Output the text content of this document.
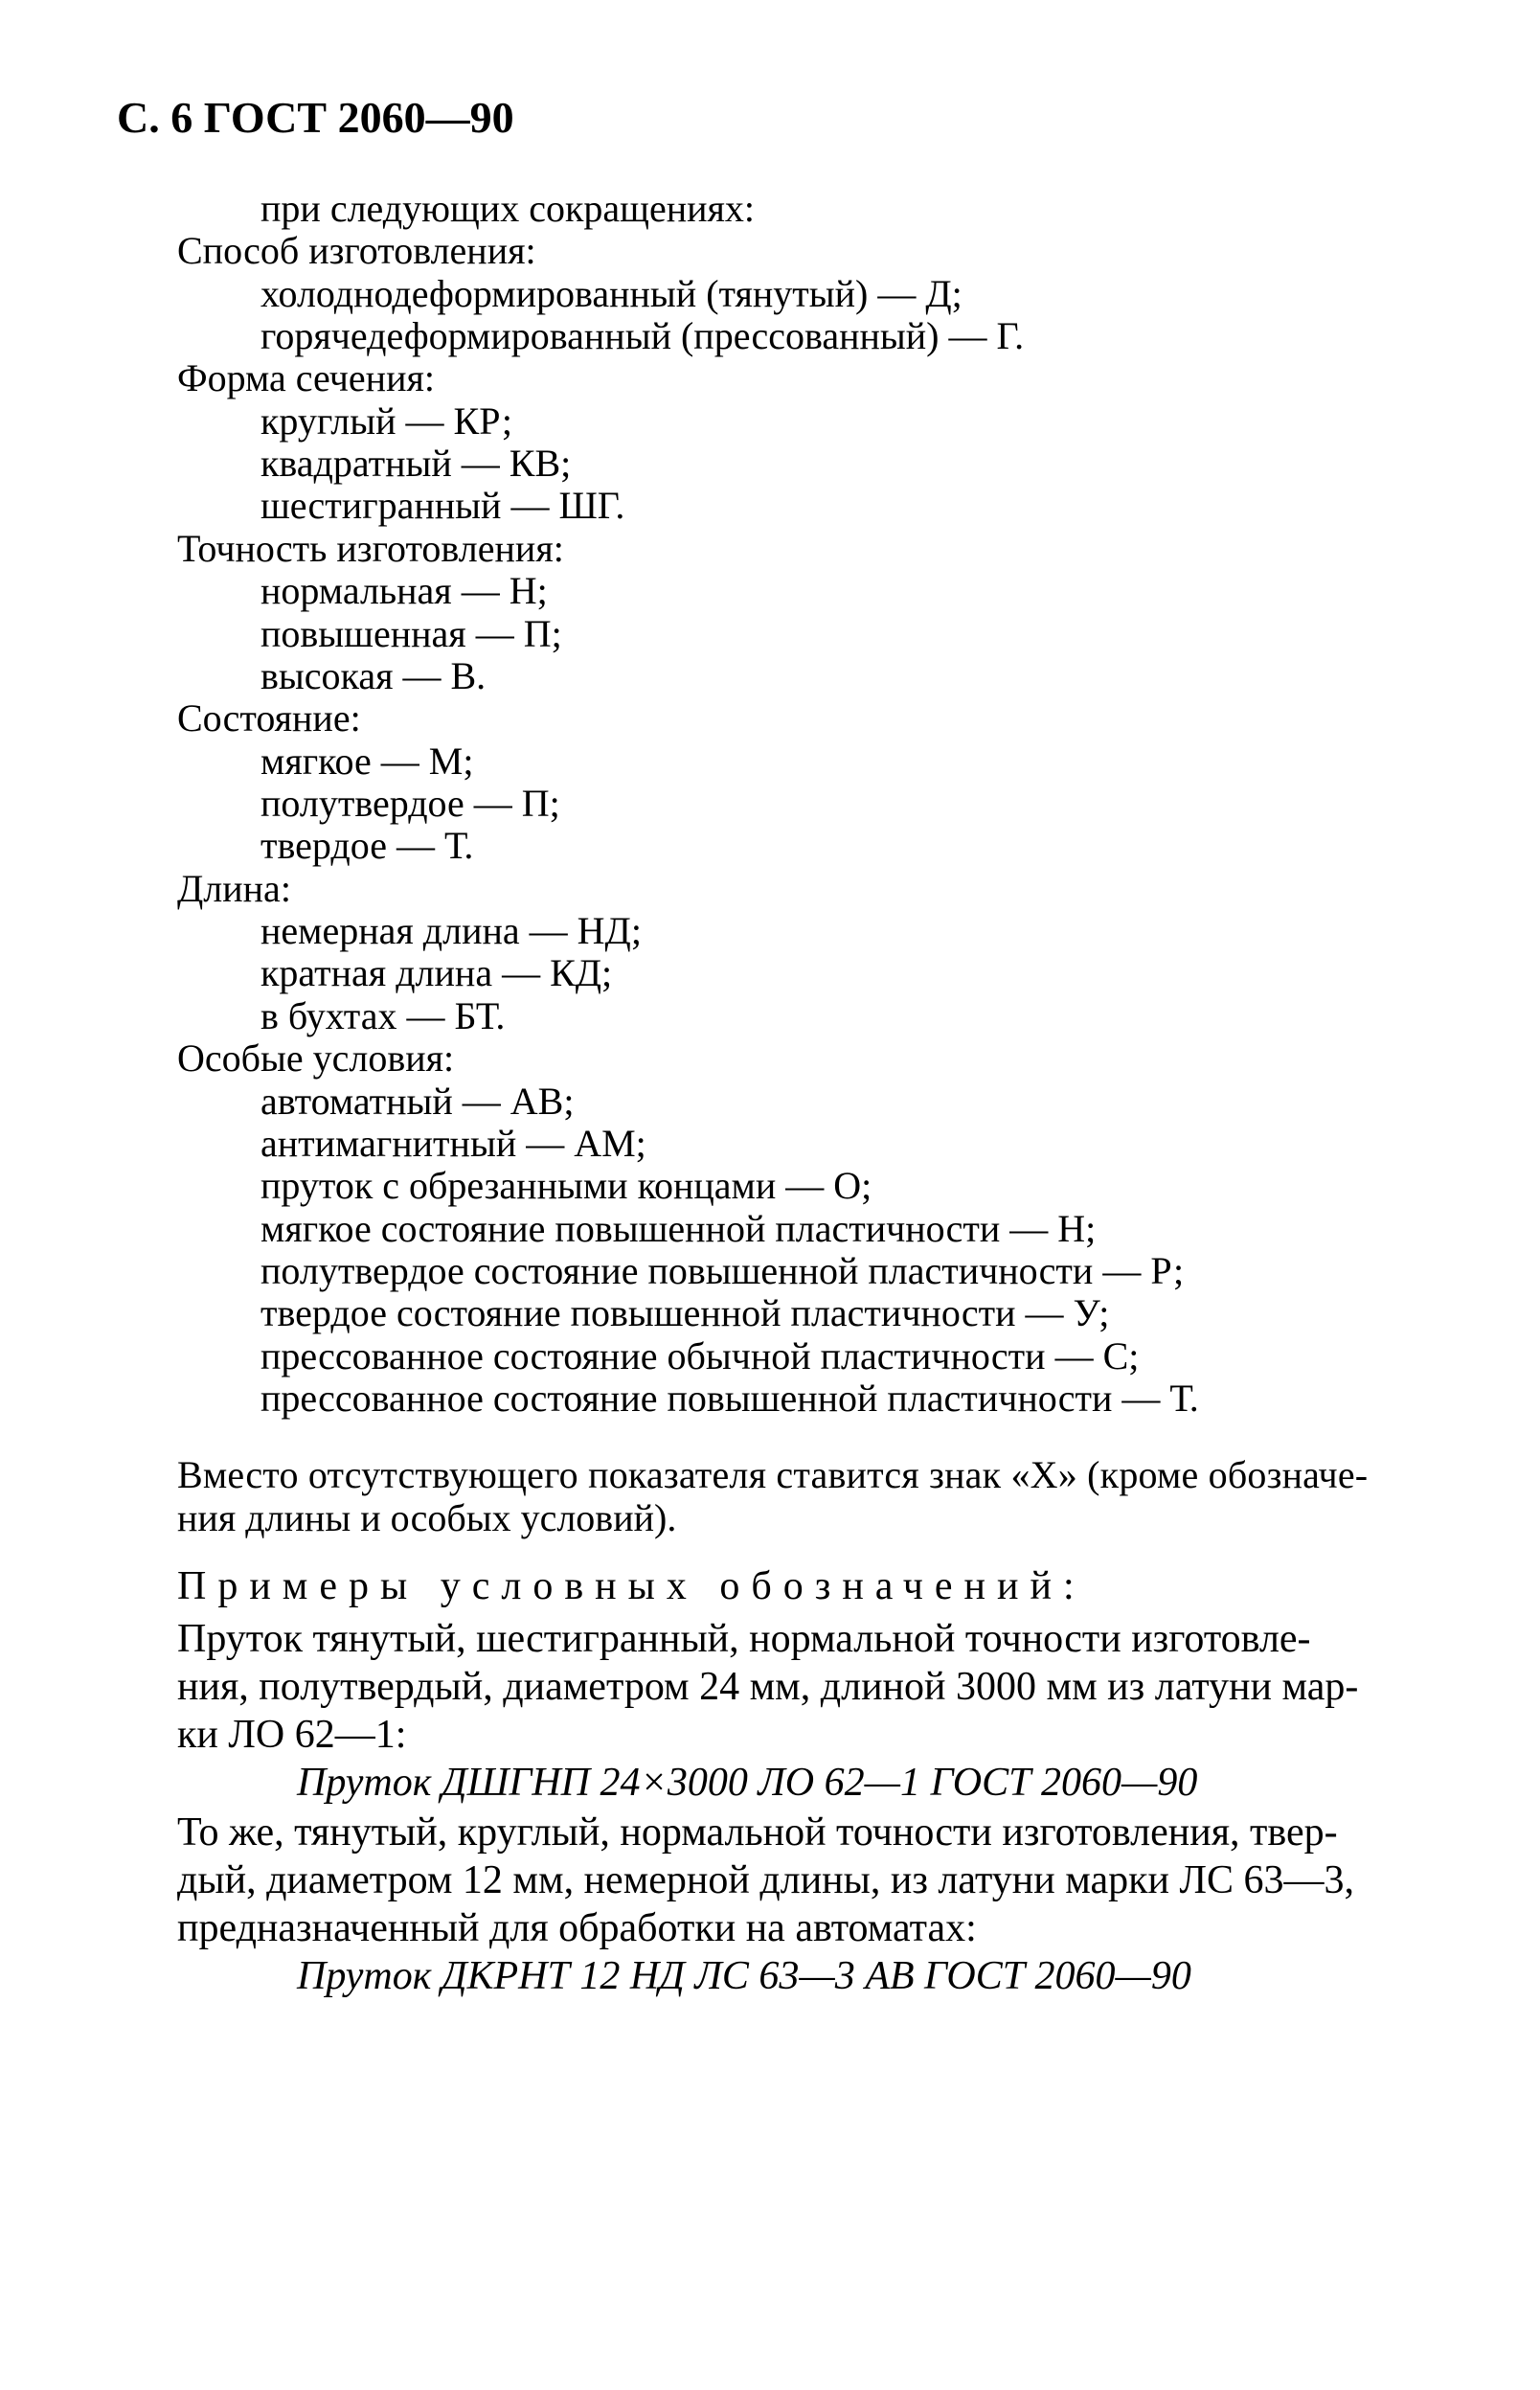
С. 6 ГОСТ 2060—90
при следующих сокращениях:
Способ изготовления:
холоднодеформированный (тянутый) — Д;
горячедеформированный (прессованный) — Г.
Форма сечения:
круглый — КР;
квадратный — КВ;
шестигранный — ШГ.
Точность изготовления:
нормальная — Н;
повышенная — П;
высокая — В.
Состояние:
мягкое — М;
полутвердое — П;
твердое — Т.
Длина:
немерная длина — НД;
кратная длина — КД;
в бухтах — БТ.
Особые условия:
автоматный — АВ;
антимагнитный — АМ;
пруток с обрезанными концами — О;
мягкое состояние повышенной пластичности — Н;
полутвердое состояние повышенной пластичности — Р;
твердое состояние повышенной пластичности — У;
прессованное состояние обычной пластичности — С;
прессованное состояние повышенной пластичности — Т.
Вместо отсутствующего показателя ставится знак «Х» (кроме обозначе-
ния длины и особых условий).
Примеры условных обозначений:
Пруток тянутый, шестигранный, нормальной точности изготовле-
ния, полутвердый, диаметром 24 мм, длиной 3000 мм из латуни мар-
ки ЛО 62—1:
Пруток ДШГНП 24×3000 ЛО 62—1 ГОСТ 2060—90
То же, тянутый, круглый, нормальной точности изготовления, твер-
дый, диаметром 12 мм, немерной длины, из латуни марки ЛС 63—3,
предназначенный для обработки на автоматах:
Пруток ДКРНТ 12 НД ЛС 63—3 АВ ГОСТ 2060—90
